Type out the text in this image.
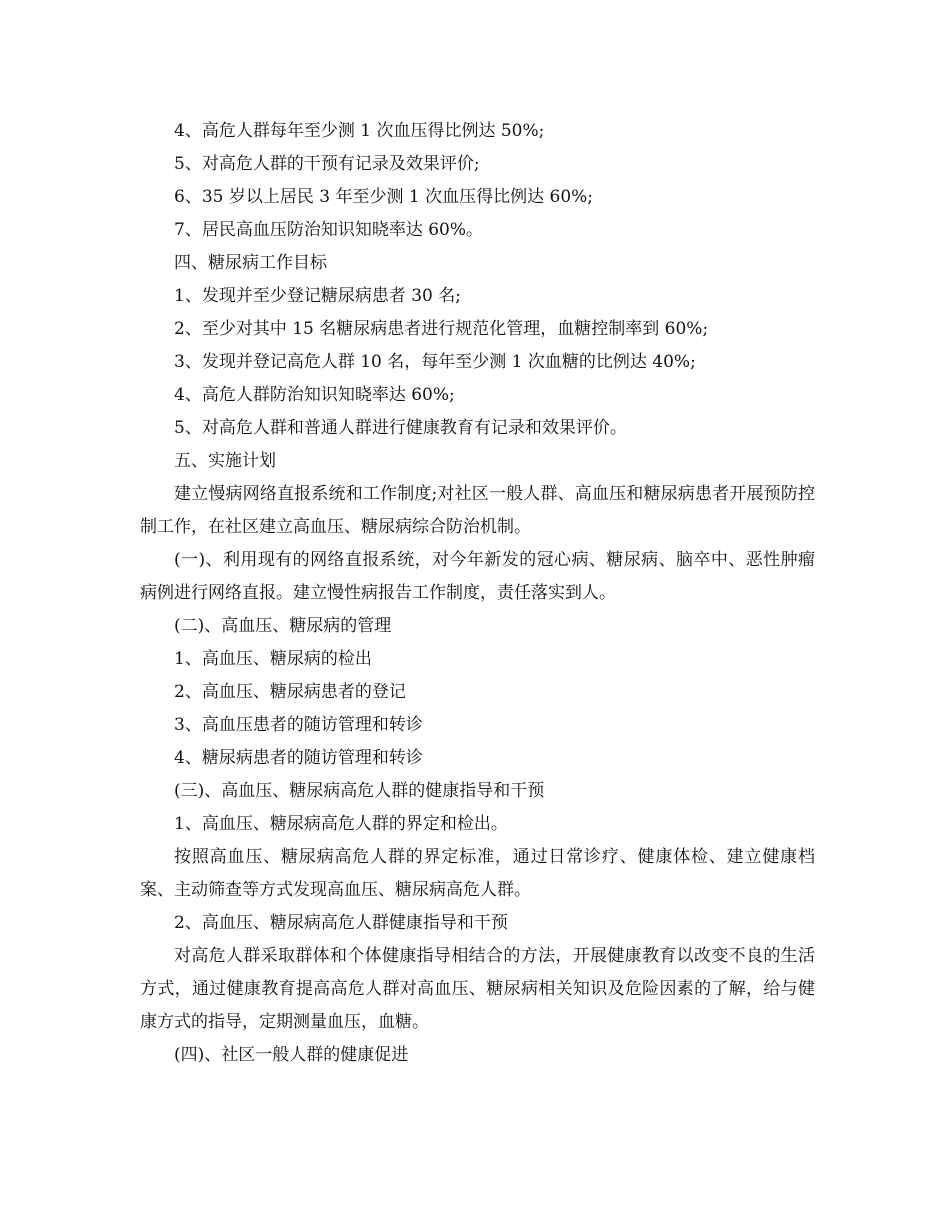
4、高危人群每年至少测 1 次血压得比例达 50%;

5、对高危人群的干预有记录及效果评价;

6、35 岁以上居民 3 年至少测 1 次血压得比例达 60%;

7、居民高血压防治知识知晓率达 60%。

四、糖尿病工作目标

1、发现并至少登记糖尿病患者 30 名;

2、至少对其中 15 名糖尿病患者进行规范化管理，血糖控制率到 60%;

3、发现并登记高危人群 10 名，每年至少测 1 次血糖的比例达 40%;

4、高危人群防治知识知晓率达 60%;

5、对高危人群和普通人群进行健康教育有记录和效果评价。

五、实施计划

建立慢病网络直报系统和工作制度;对社区一般人群、高血压和糖尿病患者开展预防控制工作，在社区建立高血压、糖尿病综合防治机制。

(一)、利用现有的网络直报系统，对今年新发的冠心病、糖尿病、脑卒中、恶性肿瘤病例进行网络直报。建立慢性病报告工作制度，责任落实到人。

(二)、高血压、糖尿病的管理

1、高血压、糖尿病的检出

2、高血压、糖尿病患者的登记

3、高血压患者的随访管理和转诊

4、糖尿病患者的随访管理和转诊

(三)、高血压、糖尿病高危人群的健康指导和干预

1、高血压、糖尿病高危人群的界定和检出。

按照高血压、糖尿病高危人群的界定标准，通过日常诊疗、健康体检、建立健康档案、主动筛查等方式发现高血压、糖尿病高危人群。

2、高血压、糖尿病高危人群健康指导和干预

对高危人群采取群体和个体健康指导相结合的方法，开展健康教育以改变不良的生活方式，通过健康教育提高高危人群对高血压、糖尿病相关知识及危险因素的了解，给与健康方式的指导，定期测量血压，血糖。

(四)、社区一般人群的健康促进
